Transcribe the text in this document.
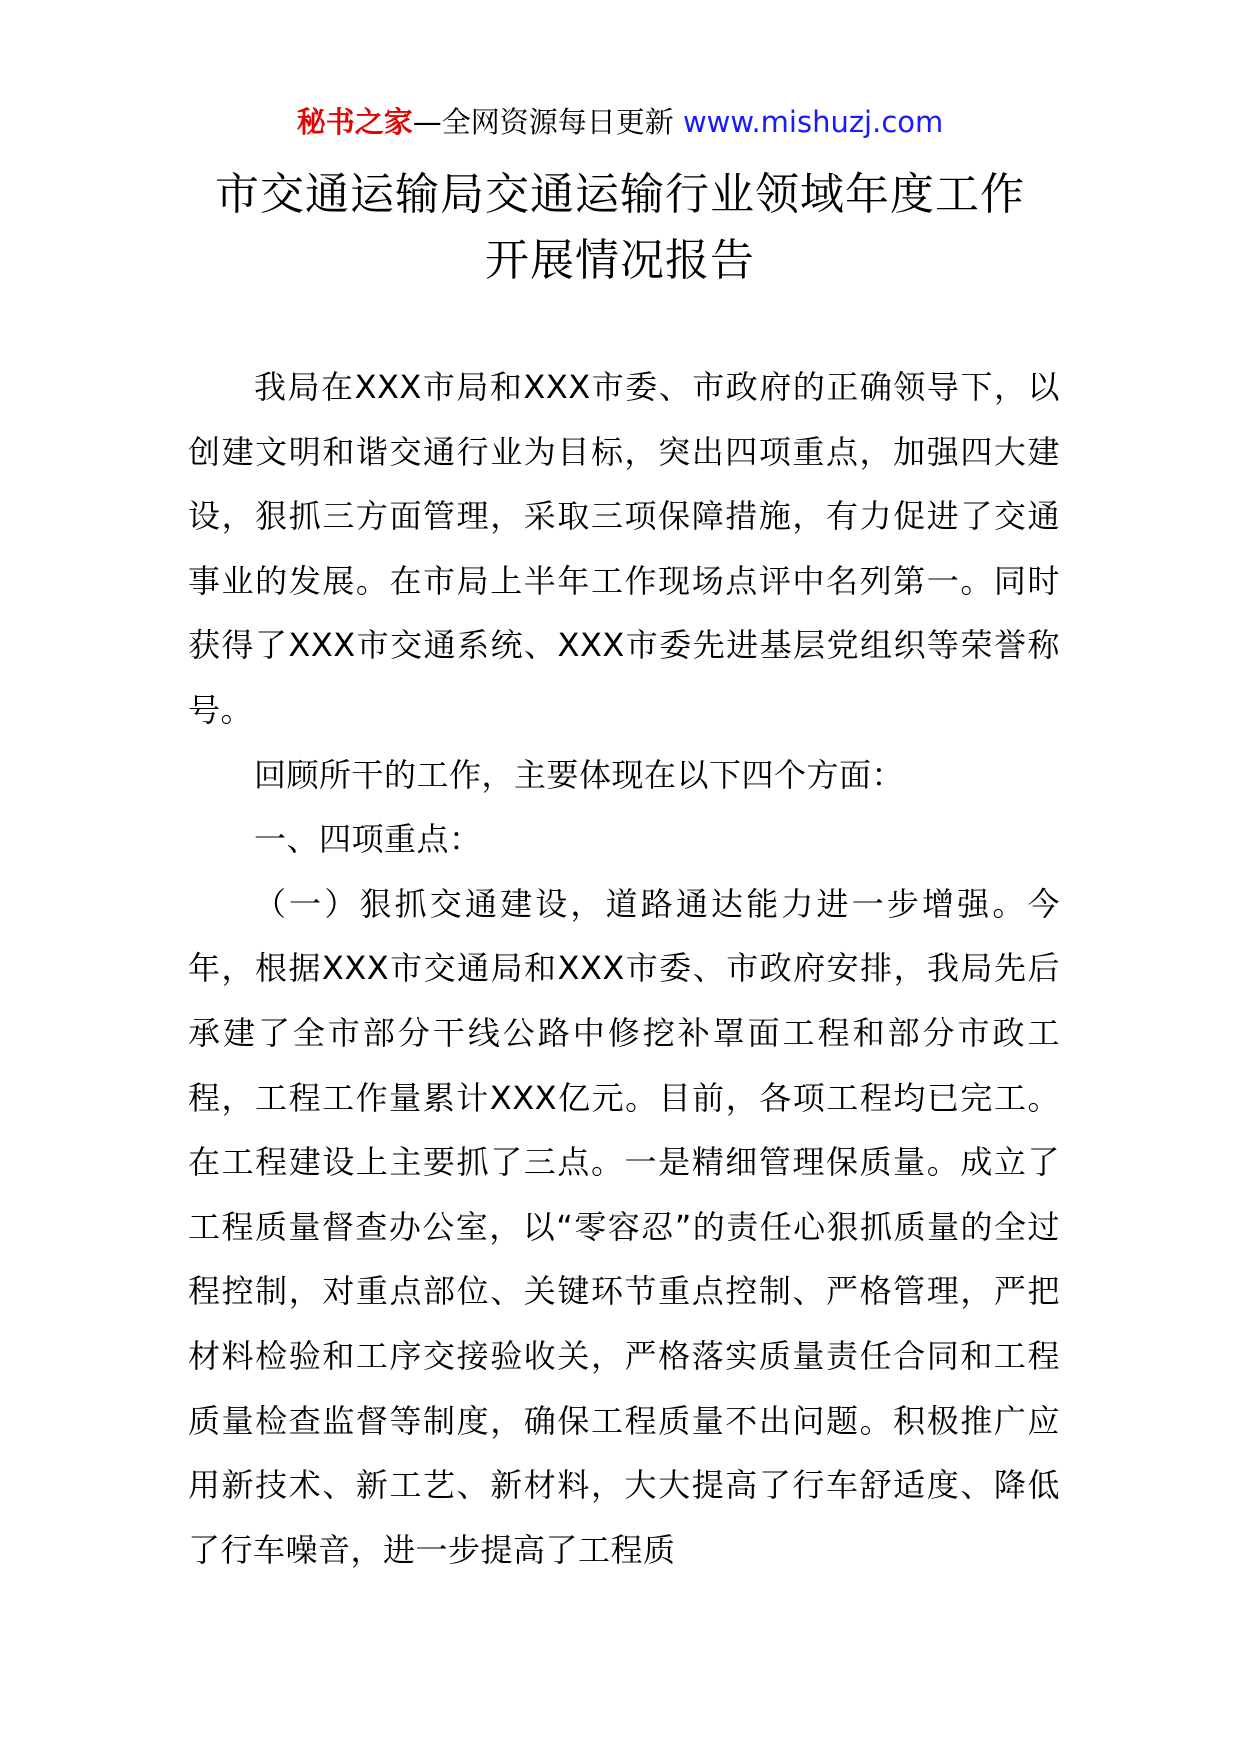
秘书之家—全网资源每日更新 www.mishuzj.com
市交通运输局交通运输行业领域年度工作
开展情况报告

我局在XXX市局和XXX市委、市政府的正确领导下，以创建文明和谐交通行业为目标，突出四项重点，加强四大建设，狠抓三方面管理，采取三项保障措施，有力促进了交通事业的发展。在市局上半年工作现场点评中名列第一。同时获得了XXX市交通系统、XXX市委先进基层党组织等荣誉称号。

回顾所干的工作，主要体现在以下四个方面：

一、四项重点：

（一）狠抓交通建设，道路通达能力进一步增强。今年，根据XXX市交通局和XXX市委、市政府安排，我局先后承建了全市部分干线公路中修挖补罩面工程和部分市政工程，工程工作量累计XXX亿元。目前，各项工程均已完工。在工程建设上主要抓了三点。一是精细管理保质量。成立了工程质量督查办公室，以“零容忍”的责任心狠抓质量的全过程控制，对重点部位、关键环节重点控制、严格管理，严把材料检验和工序交接验收关，严格落实质量责任合同和工程质量检查监督等制度，确保工程质量不出问题。积极推广应用新技术、新工艺、新材料，大大提高了行车舒适度、降低了行车噪音，进一步提高了工程质
